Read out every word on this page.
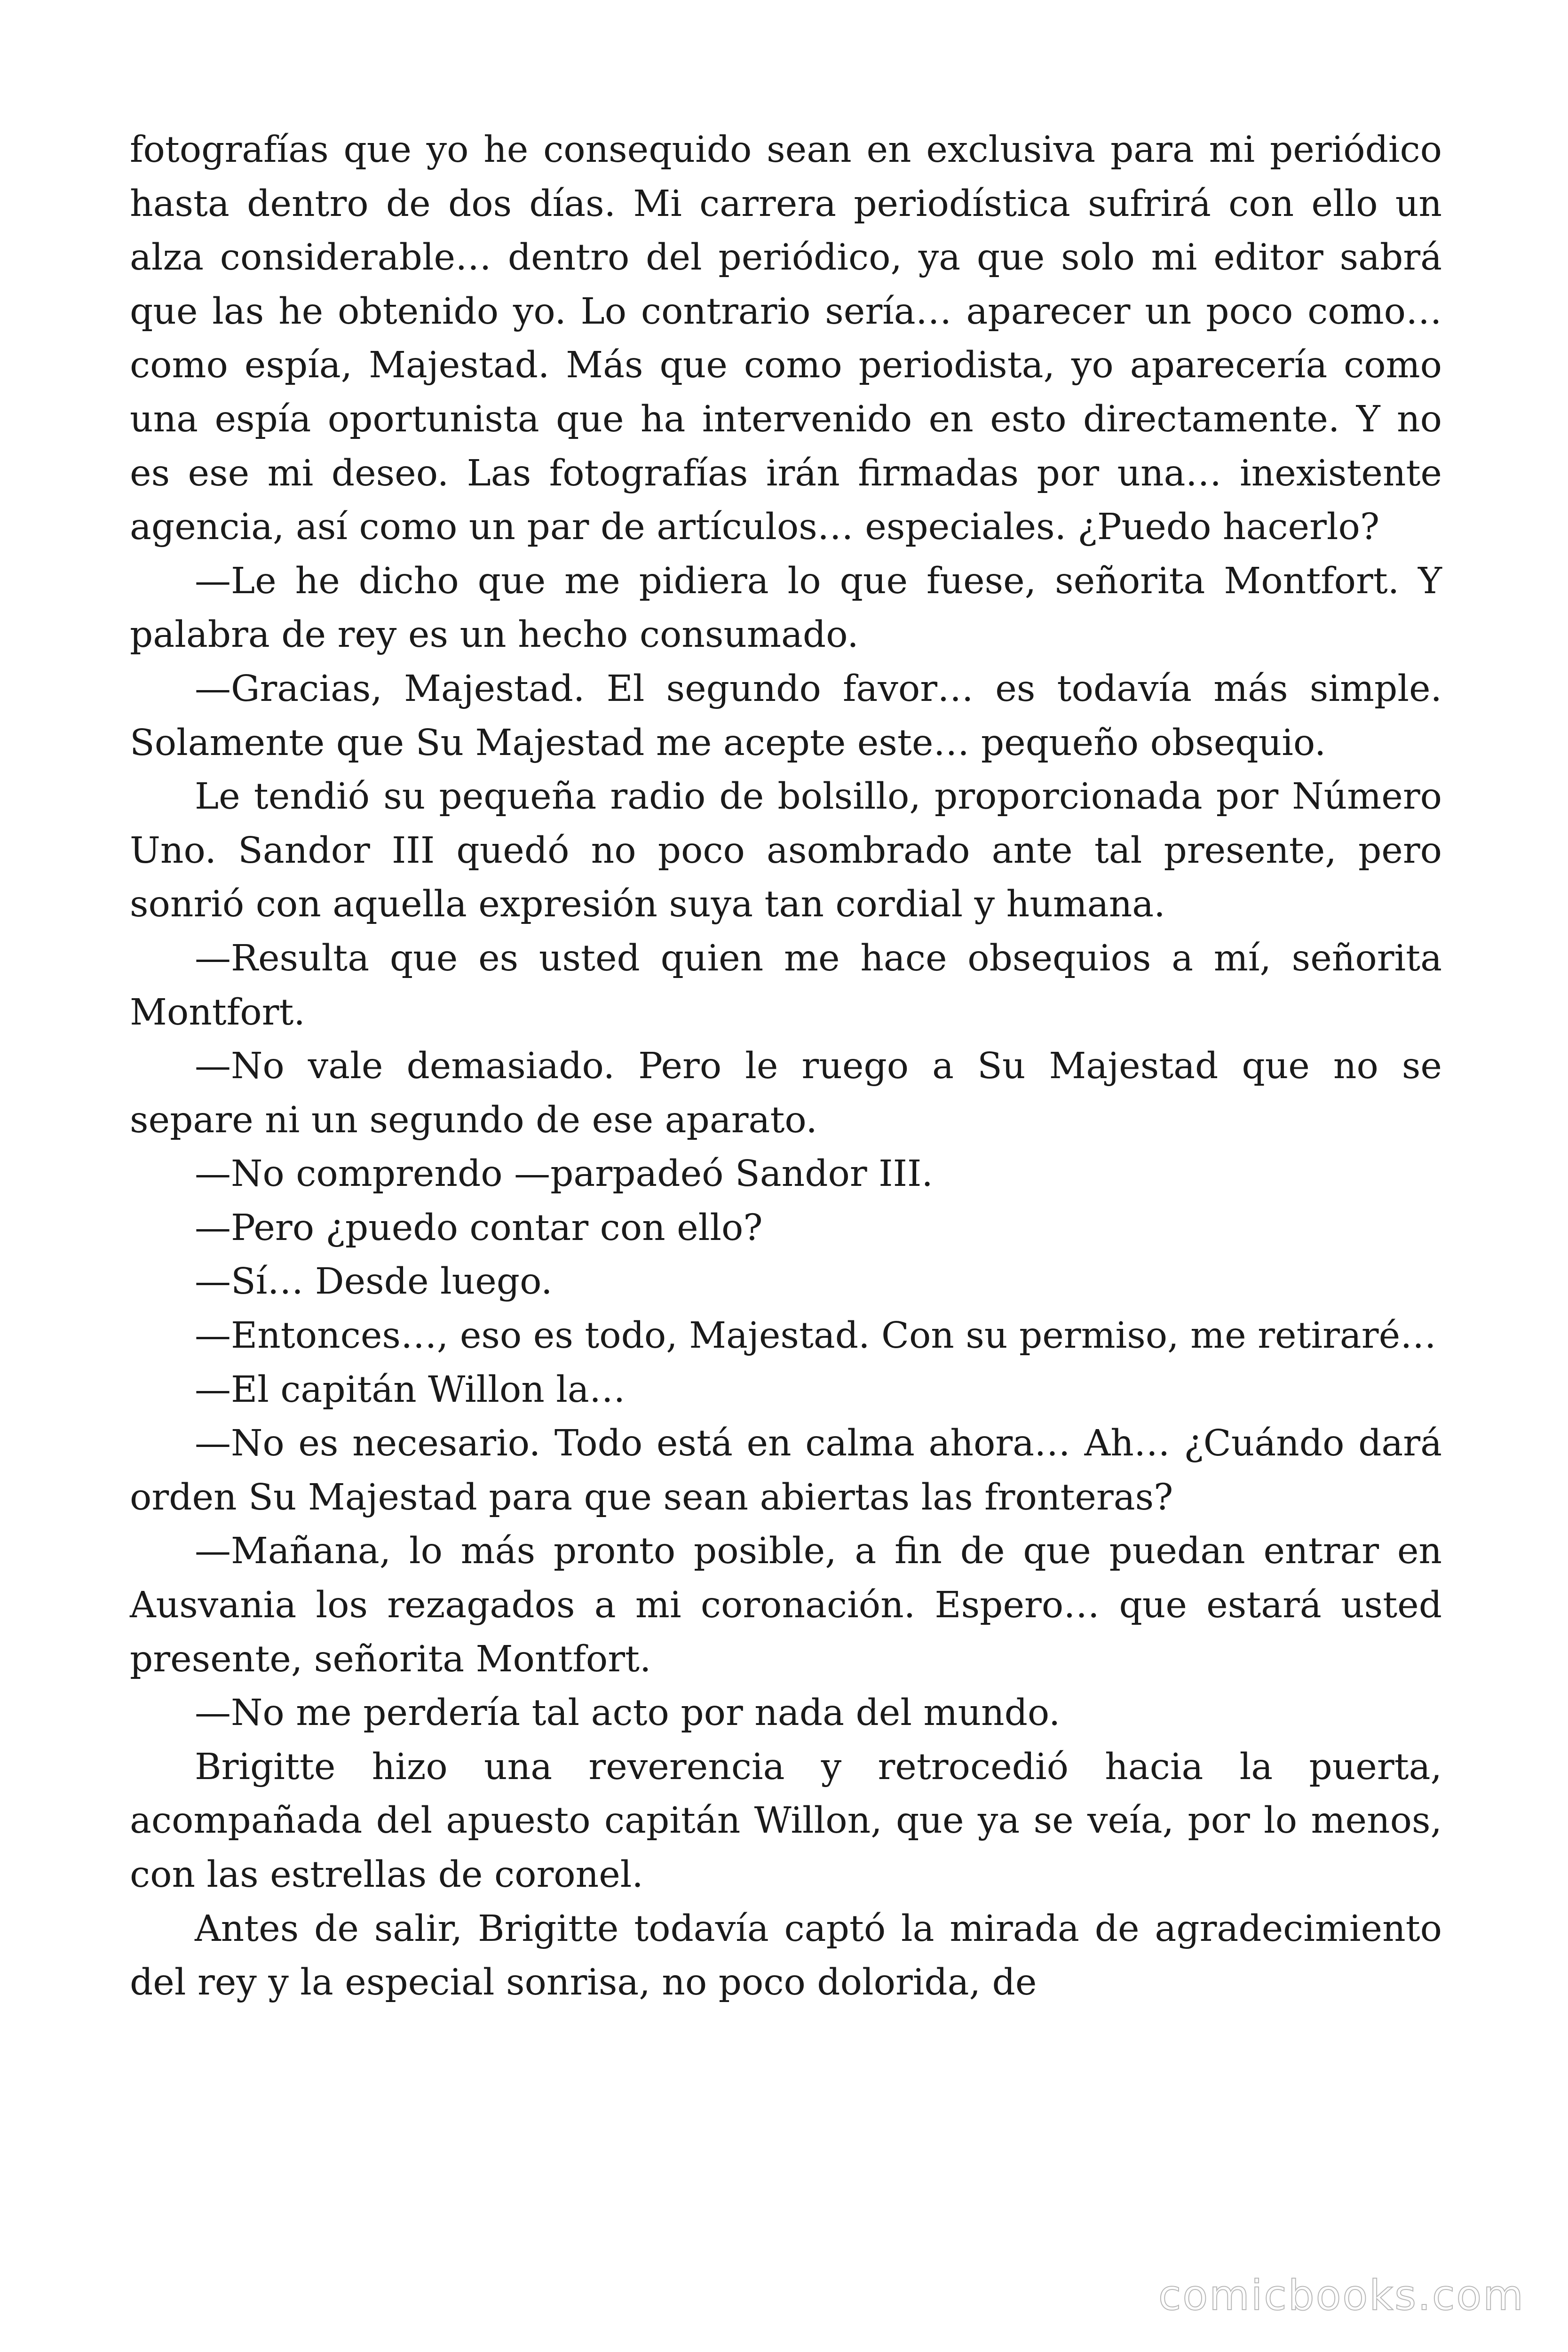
fotografías que yo he consequido sean en exclusiva para mi periódico hasta dentro de dos días. Mi carrera periodística sufrirá con ello un alza considerable… dentro del periódico, ya que solo mi editor sabrá que las he obtenido yo. Lo contrario sería… aparecer un poco como… como espía, Majestad. Más que como periodista, yo aparecería como una espía oportunista que ha intervenido en esto directamente. Y no es ese mi deseo. Las fotografías irán firmadas por una… inexistente agencia, así como un par de artículos… especiales. ¿Puedo hacerlo?

—Le he dicho que me pidiera lo que fuese, señorita Montfort. Y palabra de rey es un hecho consumado.

—Gracias, Majestad. El segundo favor… es todavía más simple. Solamente que Su Majestad me acepte este… pequeño obsequio.

Le tendió su pequeña radio de bolsillo, proporcionada por Número Uno. Sandor III quedó no poco asombrado ante tal presente, pero sonrió con aquella expresión suya tan cordial y humana.

—Resulta que es usted quien me hace obsequios a mí, señorita Montfort.

—No vale demasiado. Pero le ruego a Su Majestad que no se separe ni un segundo de ese aparato.

—No comprendo —parpadeó Sandor III.

—Pero ¿puedo contar con ello?

—Sí… Desde luego.

—Entonces…, eso es todo, Majestad. Con su permiso, me retiraré…

—El capitán Willon la…

—No es necesario. Todo está en calma ahora… Ah… ¿Cuándo dará orden Su Majestad para que sean abiertas las fronteras?

—Mañana, lo más pronto posible, a fin de que puedan entrar en Ausvania los rezagados a mi coronación. Espero… que estará usted presente, señorita Montfort.

—No me perdería tal acto por nada del mundo.

Brigitte hizo una reverencia y retrocedió hacia la puerta, acompañada del apuesto capitán Willon, que ya se veía, por lo menos, con las estrellas de coronel.

Antes de salir, Brigitte todavía captó la mirada de agradecimiento del rey y la especial sonrisa, no poco dolorida, de

comicbooks.com
